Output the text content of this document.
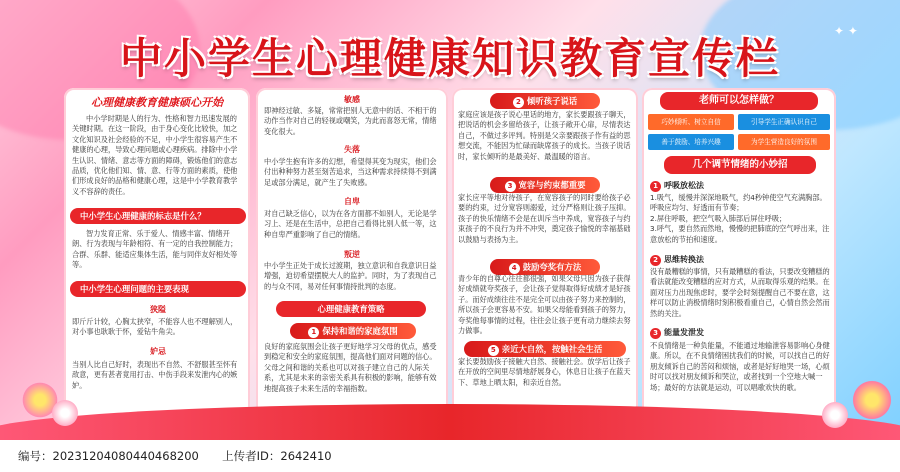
✦ ✦
中小学生心理健康知识教育宣传栏
心理健康教育健康硕心开始
中小学时期是人的行为、性格和智力迅速发展的关键时期。在这一阶段，由于身心变化比较快，加之文化知识及社会经验的不足，中小学生很容易产生不健康的心理，导致心理问题或心理疾病。排除中小学生认识、情绪、意志等方面的障碍，锻炼他们的意志品质，优化他们知、情、意、行等方面的素质，使他们形成良好的品格和健康心理，这是中小学教育教学义不容辞的责任。
中小学生心理健康的标志是什么？
智力发育正常、乐于爱人、情感丰富、情绪开朗、行为表现与年龄相符、有一定的自我控制能力；合群、乐群、能适应集体生活，能与同伴友好相处等等。
中小学生心理问题的主要表现
狭隘
即斤斤计较，心胸太狭窄，不能容人也不理解别人，对小事也耿耿于怀，爱钻牛角尖。
妒忌
当别人比自己好时，表现出不自然、不舒服甚至怀有敌意，更有甚者竟用打击、中伤手段来发泄内心的嫉妒。
敏感
即神经过敏、多疑，常常把别人无意中的话、不相干的动作当作对自己的轻视或嘲笑，为此而喜怒无常，情绪变化很大。
失落
中小学生抱有许多的幻想，希望得其变为现实，他们会付出种种努力甚至刻苦追求，当这种需求持续得不到满足或部分满足，就产生了失败感。
自卑
对自己缺乏信心，以为在各方面都不如别人，无论是学习上、还是在生活中，总把自己看得比别人低一等，这种自卑严重影响了自己的情绪。
叛逆
中小学生正处于成长过渡期，独立意识和自我意识日益增强，迫切希望摆脱大人的监护。同时，为了表现自己的与众不同，易对任何事情持批判的态度。
心理健康教育策略
1 保持和谐的家庭氛围
良好的家庭氛围会让孩子更好地学习父母的优点，感受到稳定和安全的家庭氛围，提高他们面对问题的信心。父母之间和谐的关系也可以对孩子建立自己的人际关系，尤其是未来的亲密关系具有积极的影响，能够有效地提高孩子未来生活的幸福指数。
2 倾听孩子说话
家庭应该是孩子说心里话的地方，家长要跟孩子聊天，把说话的机会多留给孩子，让孩子敞开心扉，尽情表达自己，不做过多评判。特别是父亲要跟孩子作有益的思想交流，不能因为忙碌而缺席孩子的成长。当孩子说话时，家长倾听的是最美好、最温暖的语言。
3 宽容与约束都重要
家长应平等地对待孩子，在宽容孩子的同时要给孩子必要的约束，过分宽容则溺爱，过分严格则让孩子压抑。孩子的快乐情绪不会是在训斥当中养成，宽容孩子与约束孩子的不良行为并不冲突，奠定孩子愉悦的幸福基础以鼓励与表扬为主。
4 鼓励夸奖有方法
青少年的自尊心往往都很强，如果父母只因为孩子获得好成绩就夸奖孩子，会让孩子觉得取得好成绩才是好孩子。而好成绩往往不是完全可以由孩子努力来控制的，所以孩子会更容易不安。如果父母能看到孩子的努力，夸奖他每事情的过程，往往会让孩子更有动力继续去努力做事。
5 亲近大自然，按触社会生活
家长要鼓励孩子接触大自然、接触社会。放学后让孩子在开放的空间里尽情地舒展身心，休息日让孩子在蓝天下、草地上晒太阳，和亲近自然。
老师可以怎样做？
巧妙倾听、树立自信	引导学生正确认识自己
善于鼓励、培养兴趣	为学生营造良好的氛围
几个调节情绪的小妙招
1 呼吸放松法
1.吸气，缓慢并深深地吸气，约4秒钟使空气充满胸部。呼吸应均匀、好透而有节奏；
2.屏住呼吸，把空气吸入肺部后屏住呼吸；
3.呼气，要自然而然地，慢慢的把肺底的空气呼出来，注意放松的节拍和速度。
2 思维转换法
没有最糟糕的事情，只有最糟糕的看法，只要改变糟糕的看法就能改变糟糕的应对方式，从而取得乐观的结果。在面对压力出现焦虑时，要学会时刻提醒自己不要在意，这样可以防止消极情绪时刻积极看重自己，心情自然会然而然的关注。
3 能量发泄发
不良情绪是一种负能量，不能通过地输泄容易影响心身健康。所以，在不良情绪困扰我们的时候，可以找自己的好朋友倾诉自己的苦闷和烦恼，或者是好好地哭一场，心烦时可以找对朋友倾诉和哭泣，或者找到一个空地大喊一场；最好的方法就是运动，可以唱歌欢快的歌。
编号：20231204080440468200 上传者ID：2642410
